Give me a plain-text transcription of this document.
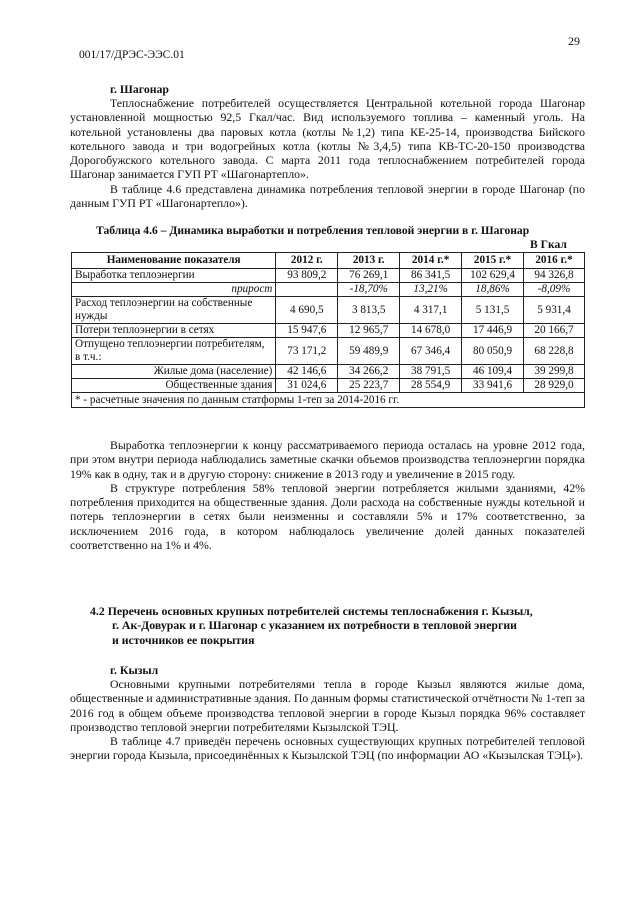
29
001/17/ДРЭС-ЭЭС.01
г. Шагонар

Теплоснабжение потребителей осуществляется Центральной котельной города Шагонар установленной мощностью 92,5 Гкал/час. Вид используемого топлива – каменный уголь. На котельной установлены два паровых котла (котлы №1,2) типа КЕ-25-14, производства Бийского котельного завода и три водогрейных котла (котлы №3,4,5) типа КВ-ТС-20-150 производства Дорогобужского котельного завода. С марта 2011 года теплоснабжением потребителей города Шагонар занимается ГУП РТ «Шагонартепло».

В таблице 4.6 представлена динамика потребления тепловой энергии в городе Шагонар (по данным ГУП РТ «Шагонартепло»).

Таблица 4.6 – Динамика выработки и потребления тепловой энергии в г. Шагонар
В Гкал
Наименование показателя	2012 г.	2013 г.	2014 г.*	2015 г.*	2016 г.*
Выработка теплоэнергии	93 809,2	76 269,1	86 341,5	102 629,4	94 326,8
прирост		-18,70%	13,21%	18,86%	-8,09%
Расход теплоэнергии на собственные нужды	4 690,5	3 813,5	4 317,1	5 131,5	5 931,4
Потери теплоэнергии в сетях	15 947,6	12 965,7	14 678,0	17 446,9	20 166,7
Отпущено теплоэнергии потребителям, в т.ч.:	73 171,2	59 489,9	67 346,4	80 050,9	68 228,8
Жилые дома (население)	42 146,6	34 266,2	38 791,5	46 109,4	39 299,8
Общественные здания	31 024,6	25 223,7	28 554,9	33 941,6	28 929,0
* - расчетные значения по данным статформы 1-теп за 2014-2016 гг.					

Выработка теплоэнергии к концу рассматриваемого периода осталась на уровне 2012 года, при этом внутри периода наблюдались заметные скачки объемов производства теплоэнергии порядка 19% как в одну, так и в другую сторону: снижение в 2013 году и увеличение в 2015 году.

В структуре потребления 58% тепловой энергии потребляется жилыми зданиями, 42% потребления приходится на общественные здания. Доли расхода на собственные нужды котельной и потерь теплоэнергии в сетях были неизменны и составляли 5% и 17% соответственно, за исключением 2016 года, в котором наблюдалось увеличение долей данных показателей соответственно на 1% и 4%.

4.2 Перечень основных крупных потребителей системы теплоснабжения г. Кызыл,
г. Ак-Довурак и г. Шагонар с указанием их потребности в тепловой энергии
и источников ее покрытия
г. Кызыл

Основными крупными потребителями тепла в городе Кызыл являются жилые дома, общественные и административные здания. По данным формы статистической отчётности № 1-теп за 2016 год в общем объеме производства тепловой энергии в городе Кызыл порядка 96% составляет производство тепловой энергии потребителями Кызылской ТЭЦ.

В таблице 4.7 приведён перечень основных существующих крупных потребителей тепловой энергии города Кызыла, присоединённых к Кызылской ТЭЦ (по информации АО «Кызылская ТЭЦ»).
